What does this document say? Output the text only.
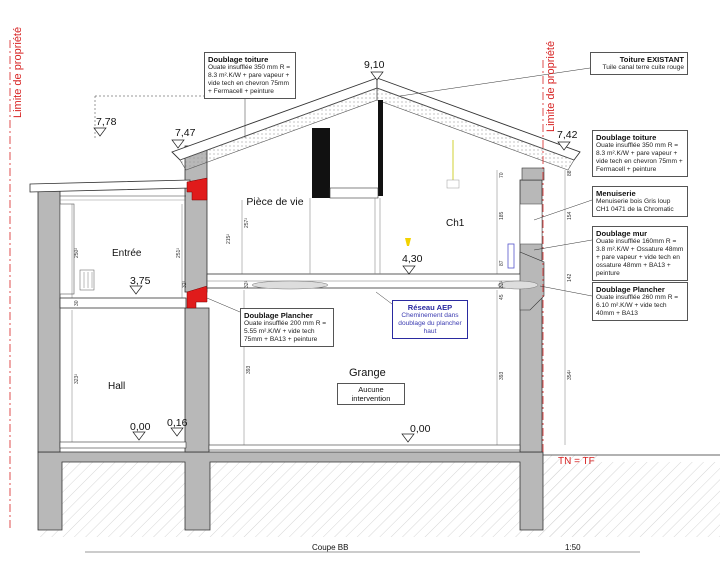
Limite de propriété	Limite de propriété
9,10
7,78
7,47	7,42
4,30
3,75
0,00 0,16	0,00
Entrée
Pièce de vie
Ch1
Hall
Grange
Aucune intervention
Doublage toiture
Ouate insufflée 350 mm R = 8.3 m².K/W + pare vapeur + vide tech en chevron 75mm + Fermacell + peinture
Toiture EXISTANT
Tuile canal terre cuite rouge
Doublage toiture
Ouate insufflée 350 mm R = 8.3 m².K/W + pare vapeur + vide tech en chevron 75mm + Fermacell + peinture
Menuiserie
Menuiserie bois Gris loup CH1 0471 de la Chromatic
Doublage mur
Ouate insufflée 160mm R = 3.8 m².K/W + Ossature 48mm + pare vapeur + vide tech en ossature 48mm + BA13 + peinture
Doublage Plancher
Ouate insufflée 260 mm R = 6.10 m².K/W + vide tech 40mm + BA13
Doublage Plancher
Ouate insufflée 200 mm R = 5.55 m².K/W + vide tech 75mm + BA13 + peinture
Réseau AEP
Cheminement dans doublage du plancher haut
250²	251²
215²
257²
323²
393
393	354²
32²	32²	32²
185
87
70
45
154
142
88
30
TN = TF
Coupe BB	1:50
